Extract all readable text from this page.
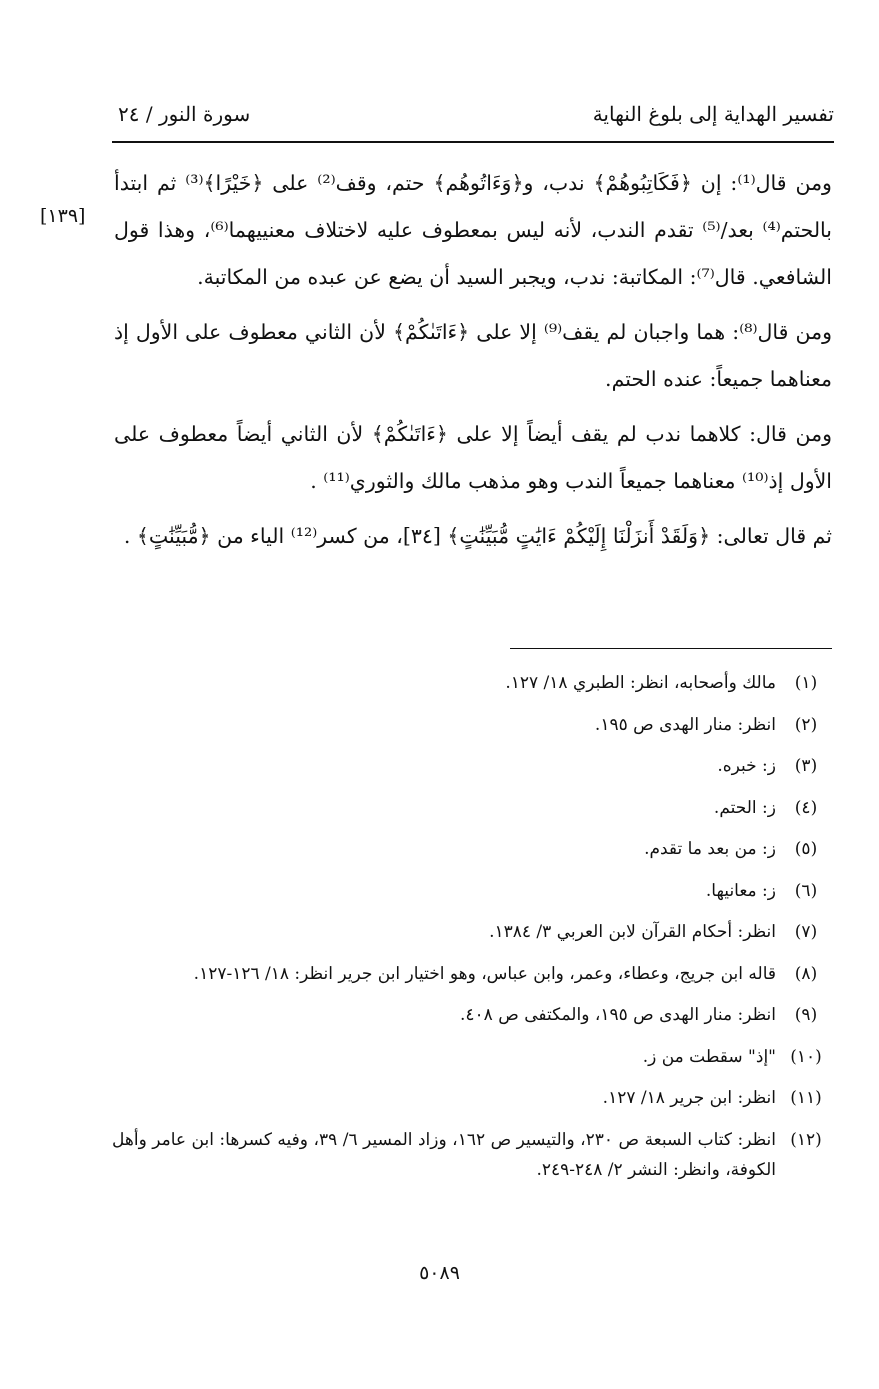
تفسير الهداية إلى بلوغ النهاية
سورة النور / ٢٤
[١٣٩]

ومن قال⁽¹⁾: إن ﴿فَكَاتِبُوهُمْ﴾ ندب، و﴿وَءَاتُوهُم﴾ حتم، وقف⁽²⁾ على ﴿خَيْرًا﴾⁽³⁾ ثم ابتدأ بالحتم⁽⁴⁾ بعد/⁽⁵⁾ تقدم الندب، لأنه ليس بمعطوف عليه لاختلاف معنييهما⁽⁶⁾، وهذا قول الشافعي. قال⁽⁷⁾: المكاتبة: ندب، ويجبر السيد أن يضع عن عبده من المكاتبة.

ومن قال⁽⁸⁾: هما واجبان لم يقف⁽⁹⁾ إلا على ﴿ءَاتَىٰكُمْ﴾ لأن الثاني معطوف على الأول إذ معناهما جميعاً: عنده الحتم.

ومن قال: كلاهما ندب لم يقف أيضاً إلا على ﴿ءَاتَىٰكُمْ﴾ لأن الثاني أيضاً معطوف على الأول إذ⁽¹⁰⁾ معناهما جميعاً الندب وهو مذهب مالك والثوري⁽¹¹⁾ .

ثم قال تعالى: ﴿وَلَقَدْ أَنزَلْنَا إِلَيْكُمْ ءَايَٰتٍ مُّبَيِّنَٰتٍ﴾ [٣٤]، من كسر⁽¹²⁾ الياء من ﴿مُّبَيِّنَٰتٍ﴾ .

(١)
مالك وأصحابه، انظر: الطبري ١٨/ ١٢٧.
(٢)
انظر: منار الهدى ص ١٩٥.
(٣)
ز: خبره.
(٤)
ز: الحتم.
(٥)
ز: من بعد ما تقدم.
(٦)
ز: معانيها.
(٧)
انظر: أحكام القرآن لابن العربي ٣/ ١٣٨٤.
(٨)
قاله ابن جريج، وعطاء، وعمر، وابن عباس، وهو اختيار ابن جرير انظر: ١٨/ ١٢٦-١٢٧.
(٩)
انظر: منار الهدى ص ١٩٥، والمكتفى ص ٤٠٨.
(١٠)
"إذ" سقطت من ز.
(١١)
انظر: ابن جرير ١٨/ ١٢٧.
(١٢)
انظر: كتاب السبعة ص ٢٣٠، والتيسير ص ١٦٢، وزاد المسير ٦/ ٣٩، وفيه كسرها: ابن عامر وأهل الكوفة، وانظر: النشر ٢/ ٢٤٨-٢٤٩.
٥٠٨٩
